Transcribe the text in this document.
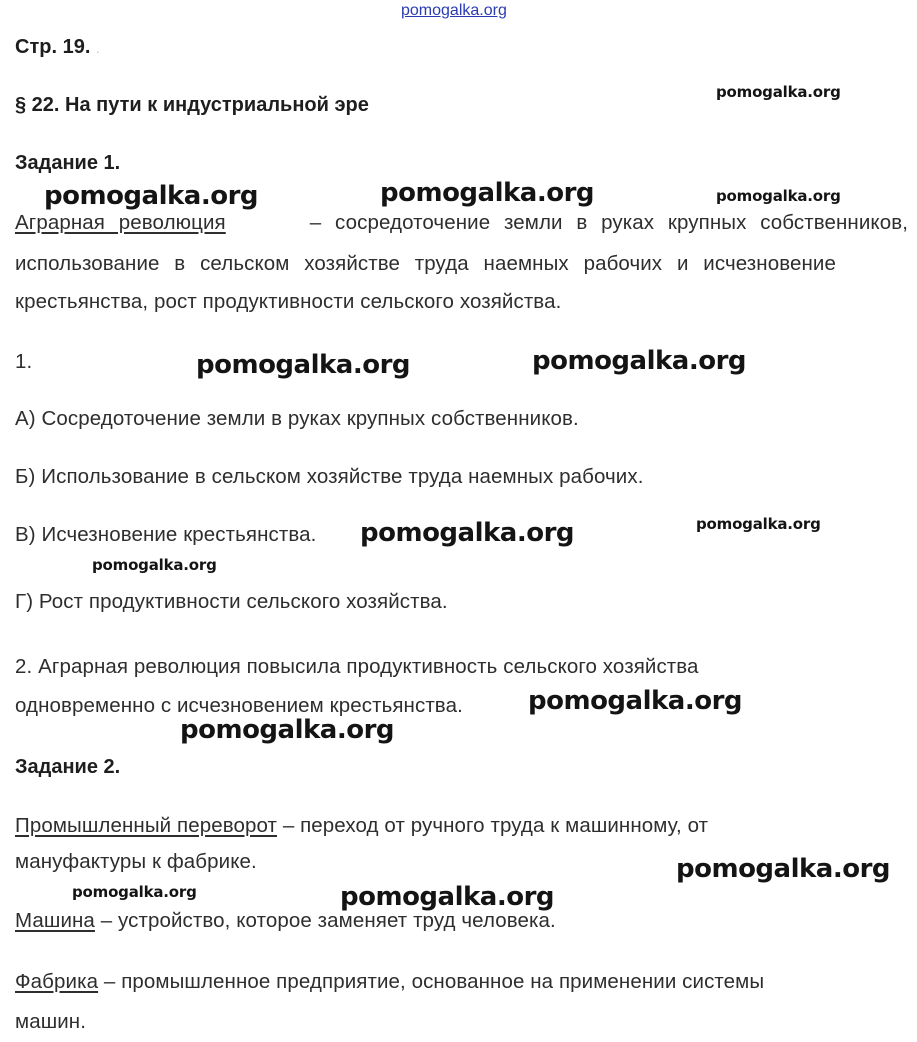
pomogalka.org
Стр. 19. .
§ 22. На пути к индустриальной эре
Задание 1.
Аграрная революция	– сосредоточение земли в руках крупных собственников,
использование в сельском хозяйстве труда наемных рабочих и исчезновение
крестьянства, рост продуктивности сельского хозяйства.
1.
А) Сосредоточение земли в руках крупных собственников.
Б) Использование в сельском хозяйстве труда наемных рабочих.
В) Исчезновение крестьянства.
Г) Рост продуктивности сельского хозяйства.
2. Аграрная революция повысила продуктивность сельского хозяйства
одновременно с исчезновением крестьянства.
Задание 2.
Промышленный переворот – переход от ручного труда к машинному, от
мануфактуры к фабрике.
Машина – устройство, которое заменяет труд человека.
Фабрика – промышленное предприятие, основанное на применении системы
машин.
pomogalka.org
pomogalka.org	pomogalka.org	pomogalka.org
pomogalka.org	pomogalka.org
pomogalka.org	pomogalka.org
pomogalka.org
pomogalka.org
pomogalka.org
pomogalka.org
pomogalka.org	pomogalka.org
